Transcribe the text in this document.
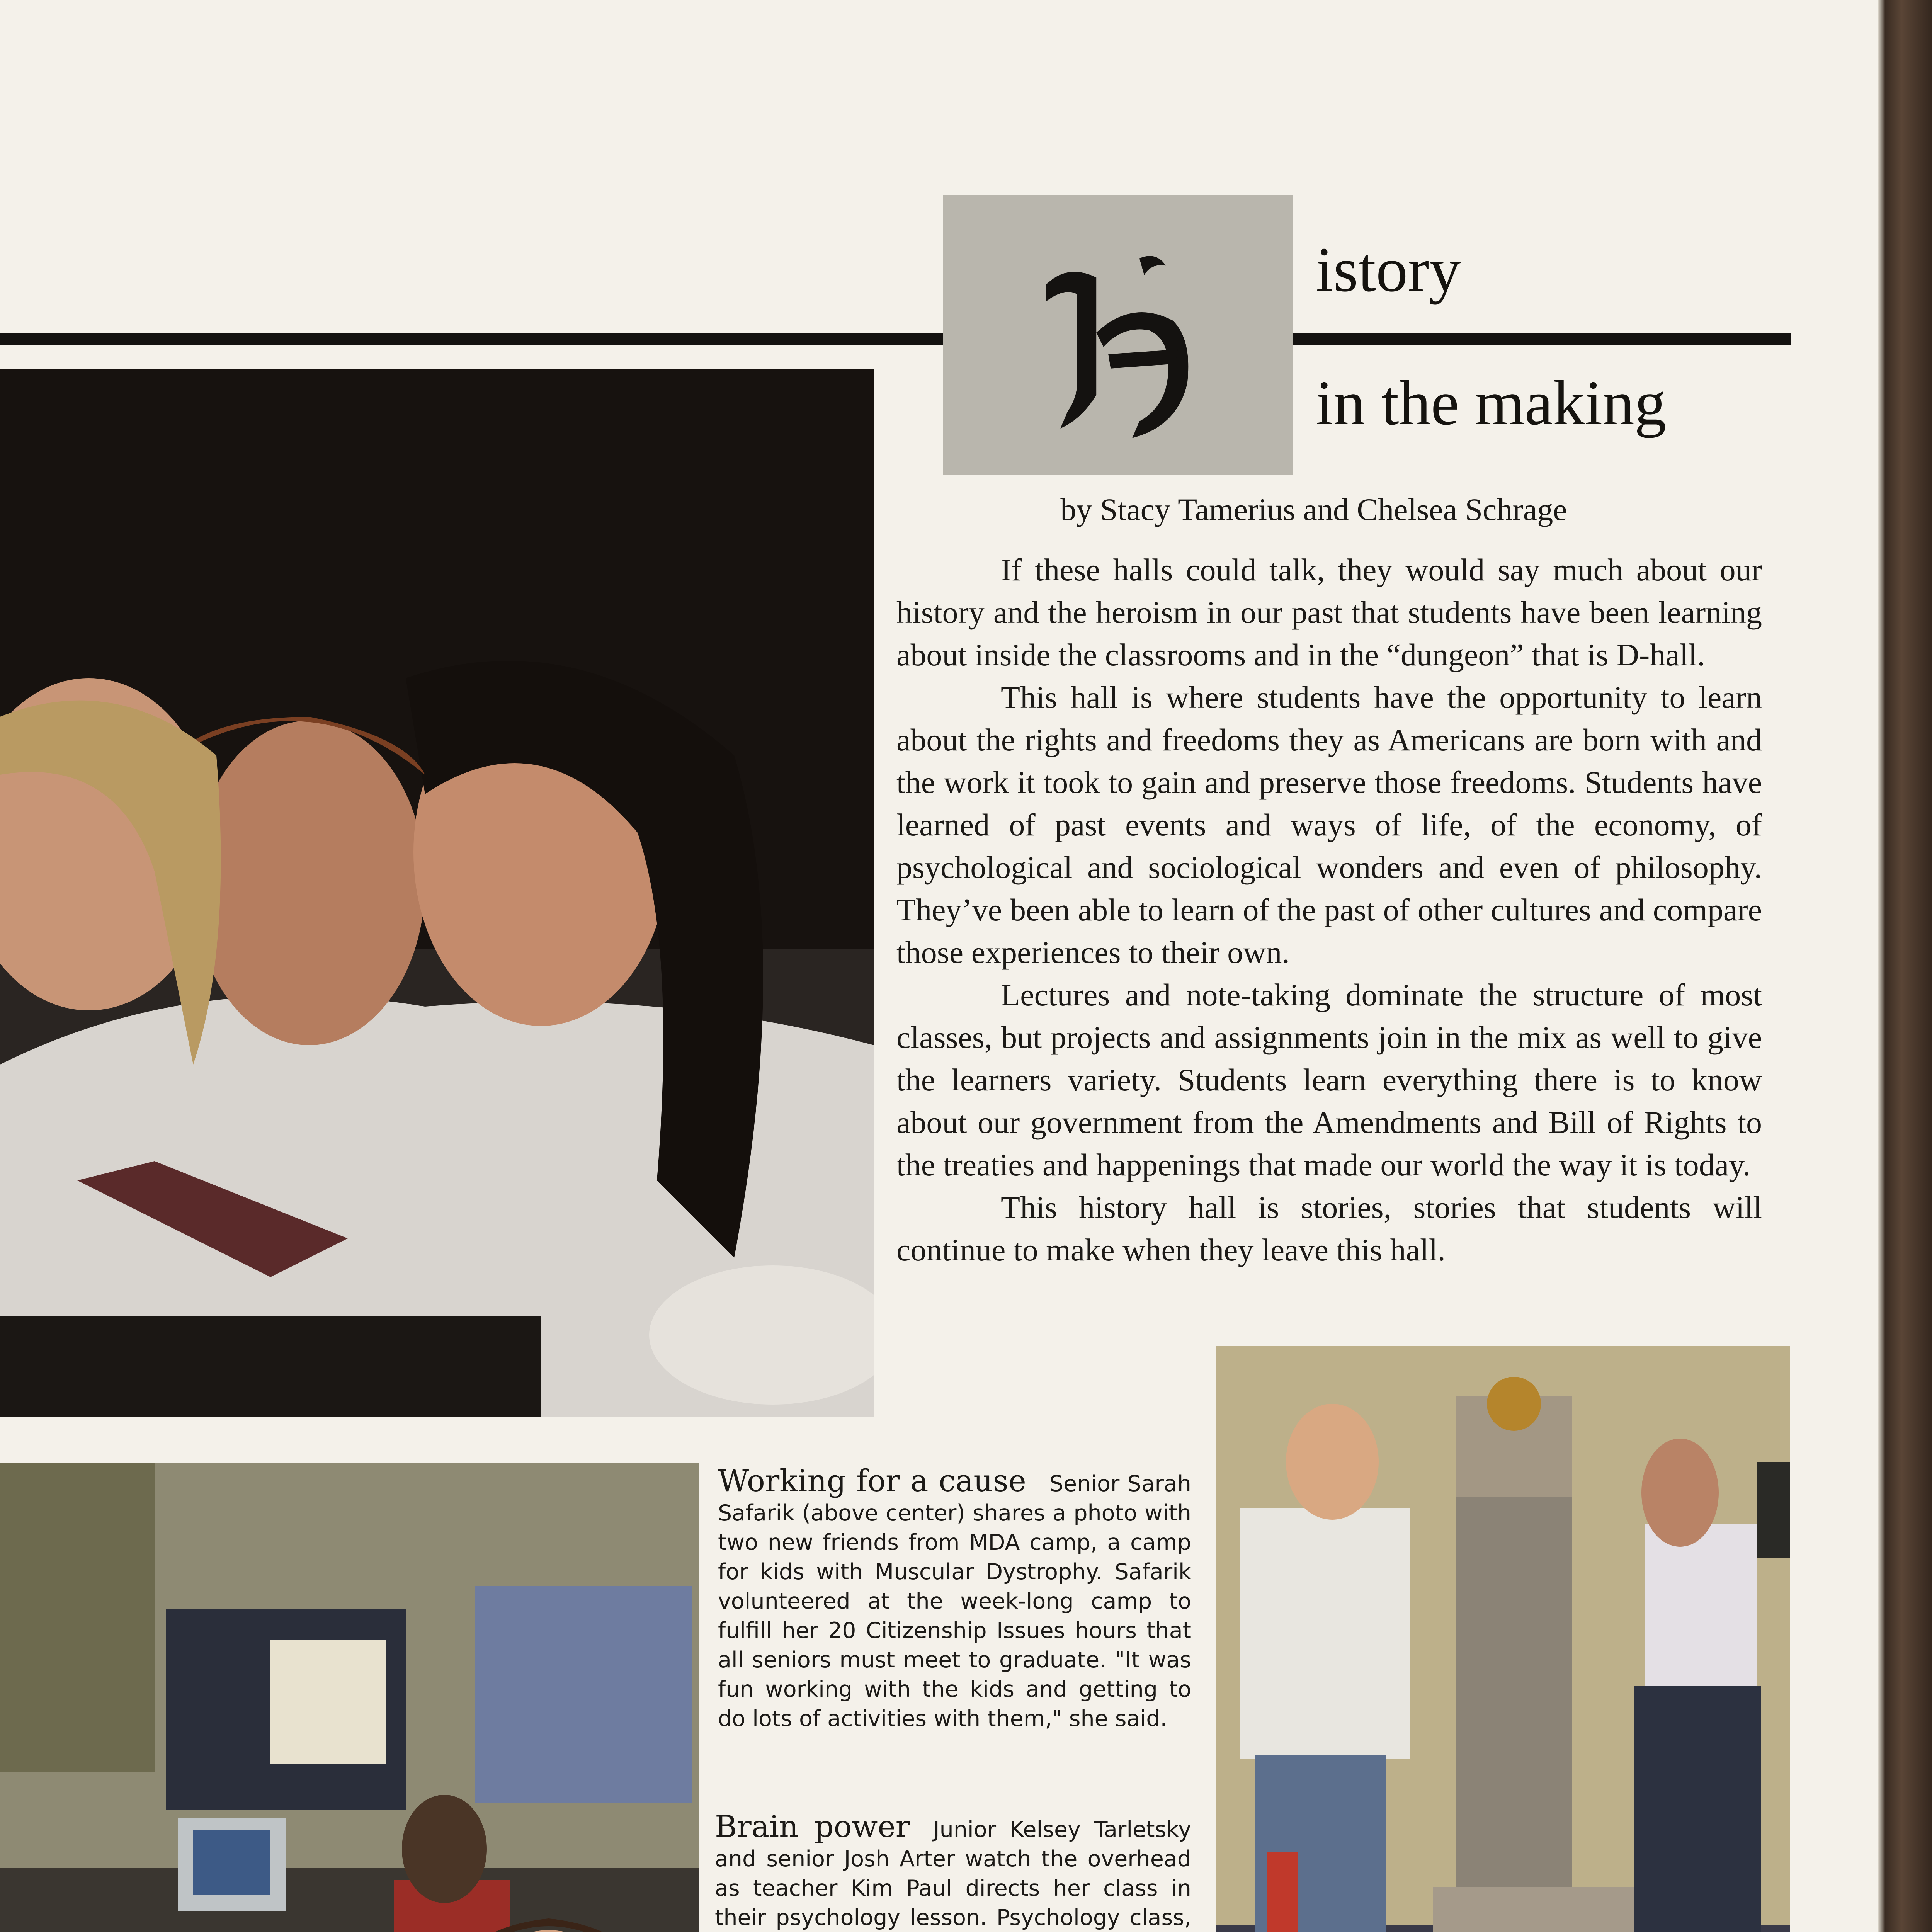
istory
in the making
by Stacy Tamerius and Chelsea Schrage

If these halls could talk, they would say much about our history and the heroism in our past that students have been learning about inside the classrooms and in the “dungeon” that is D-hall.

This hall is where students have the opportunity to learn about the rights and freedoms they as Americans are born with and the work it took to gain and preserve those freedoms. Students have learned of past events and ways of life, of the economy, of psychological and sociological wonders and even of philosophy. They’ve been able to learn of the past of other cultures and compare those experiences to their own.

Lectures and note-taking dominate the structure of most classes, but projects and assignments join in the mix as well to give the learners variety. Students learn everything there is to know about our government from the Amendments and Bill of Rights to the treaties and happenings that made our world the way it is today.

This history hall is stories, stories that students will continue to make when they leave this hall.

Working for a cause Senior Sarah Safarik (above center) shares a photo with two new friends from MDA camp, a camp for kids with Muscular Dystrophy. Safarik volunteered at the week-long camp to fulfill her 20 Citizenship Issues hours that all seniors must meet to graduate. "It was fun working with the kids and getting to do lots of activities with them," she said.
Brain power Junior Kelsey Tarletsky and senior Josh Arter watch the overhead as teacher Kim Paul directs her class in their psychology lesson. Psychology class,
